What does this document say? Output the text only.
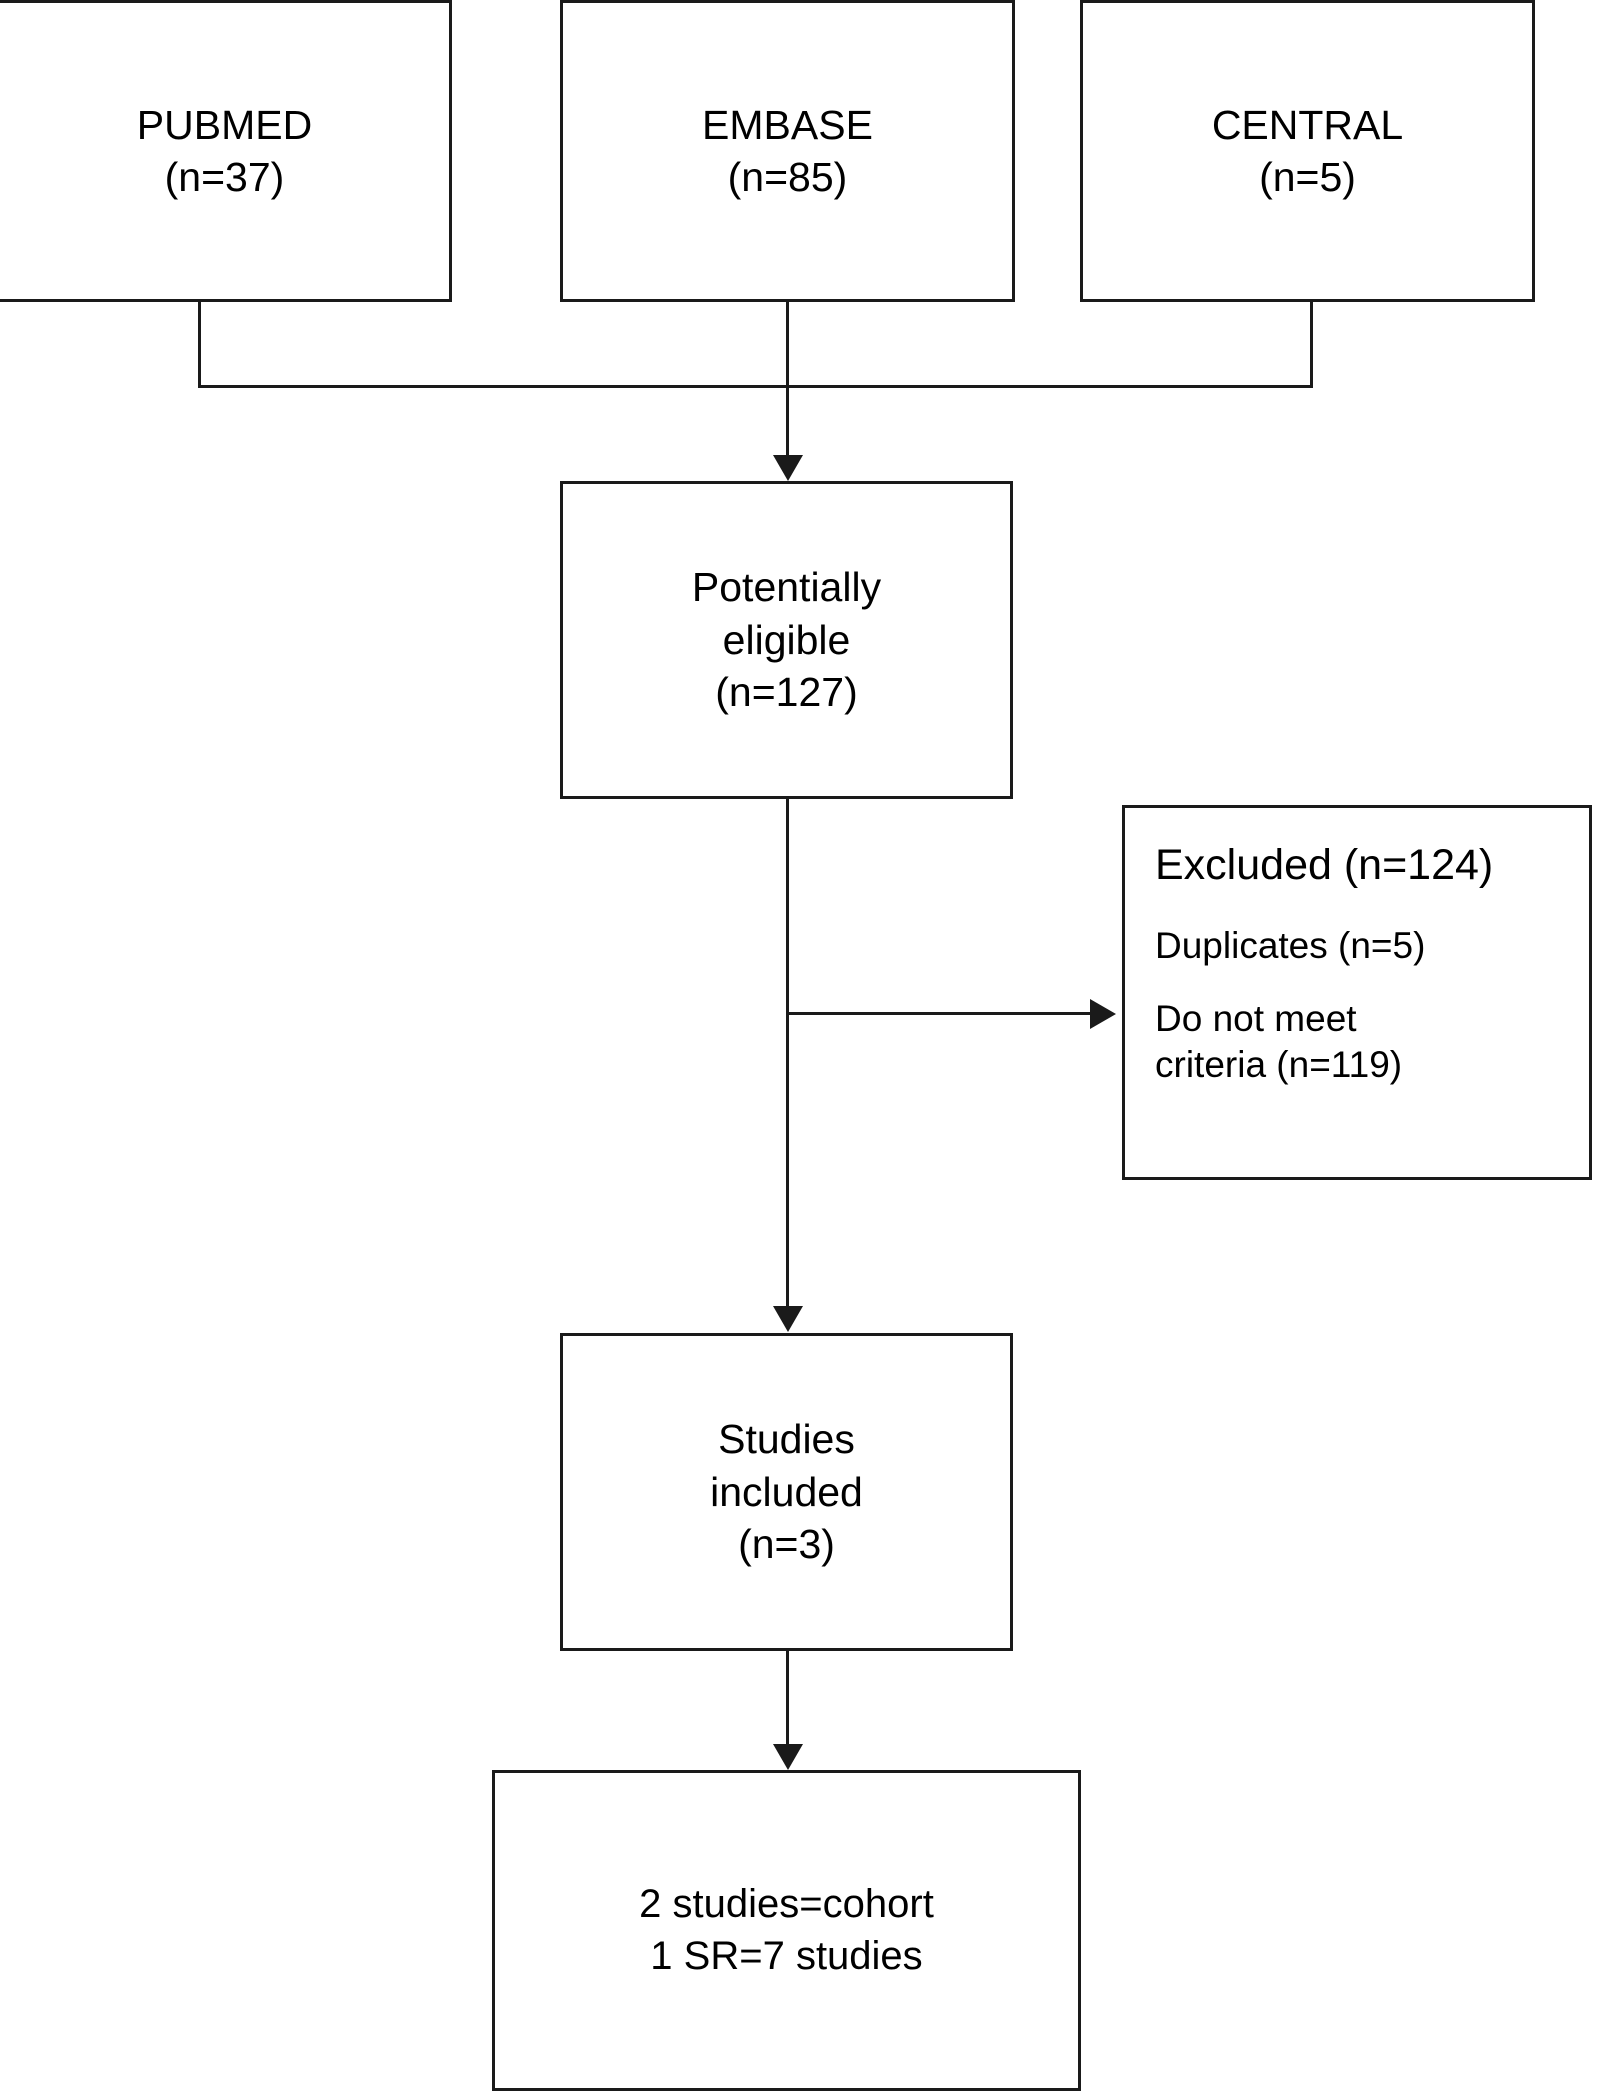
PUBMED
(n=37)
EMBASE
(n=85)
CENTRAL
(n=5)
Potentially
eligible
(n=127)
Excluded (n=124)
Duplicates (n=5)
Do not meet
criteria (n=119)
Studies
included
(n=3)
2 studies=cohort
1 SR=7 studies
